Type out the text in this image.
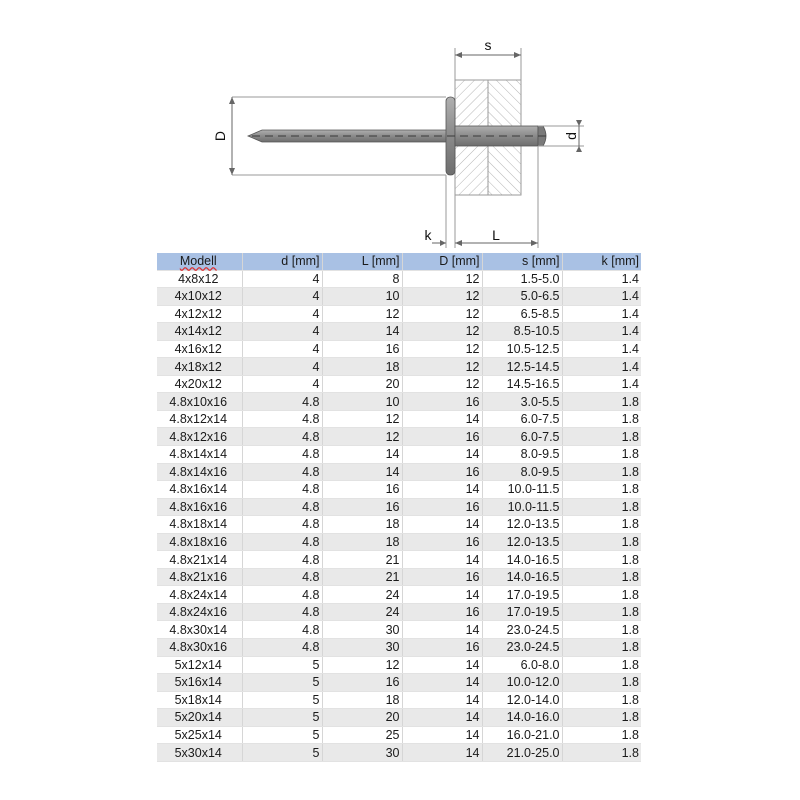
D	d
s
k	L
Modell	d [mm]	L [mm]	D [mm]	s [mm]	k [mm]
4x8x12	4	8	12	1.5-5.0	1.4
4x10x12	4	10	12	5.0-6.5	1.4
4x12x12	4	12	12	6.5-8.5	1.4
4x14x12	4	14	12	8.5-10.5	1.4
4x16x12	4	16	12	10.5-12.5	1.4
4x18x12	4	18	12	12.5-14.5	1.4
4x20x12	4	20	12	14.5-16.5	1.4
4.8x10x16	4.8	10	16	3.0-5.5	1.8
4.8x12x14	4.8	12	14	6.0-7.5	1.8
4.8x12x16	4.8	12	16	6.0-7.5	1.8
4.8x14x14	4.8	14	14	8.0-9.5	1.8
4.8x14x16	4.8	14	16	8.0-9.5	1.8
4.8x16x14	4.8	16	14	10.0-11.5	1.8
4.8x16x16	4.8	16	16	10.0-11.5	1.8
4.8x18x14	4.8	18	14	12.0-13.5	1.8
4.8x18x16	4.8	18	16	12.0-13.5	1.8
4.8x21x14	4.8	21	14	14.0-16.5	1.8
4.8x21x16	4.8	21	16	14.0-16.5	1.8
4.8x24x14	4.8	24	14	17.0-19.5	1.8
4.8x24x16	4.8	24	16	17.0-19.5	1.8
4.8x30x14	4.8	30	14	23.0-24.5	1.8
4.8x30x16	4.8	30	16	23.0-24.5	1.8
5x12x14	5	12	14	6.0-8.0	1.8
5x16x14	5	16	14	10.0-12.0	1.8
5x18x14	5	18	14	12.0-14.0	1.8
5x20x14	5	20	14	14.0-16.0	1.8
5x25x14	5	25	14	16.0-21.0	1.8
5x30x14	5	30	14	21.0-25.0	1.8
